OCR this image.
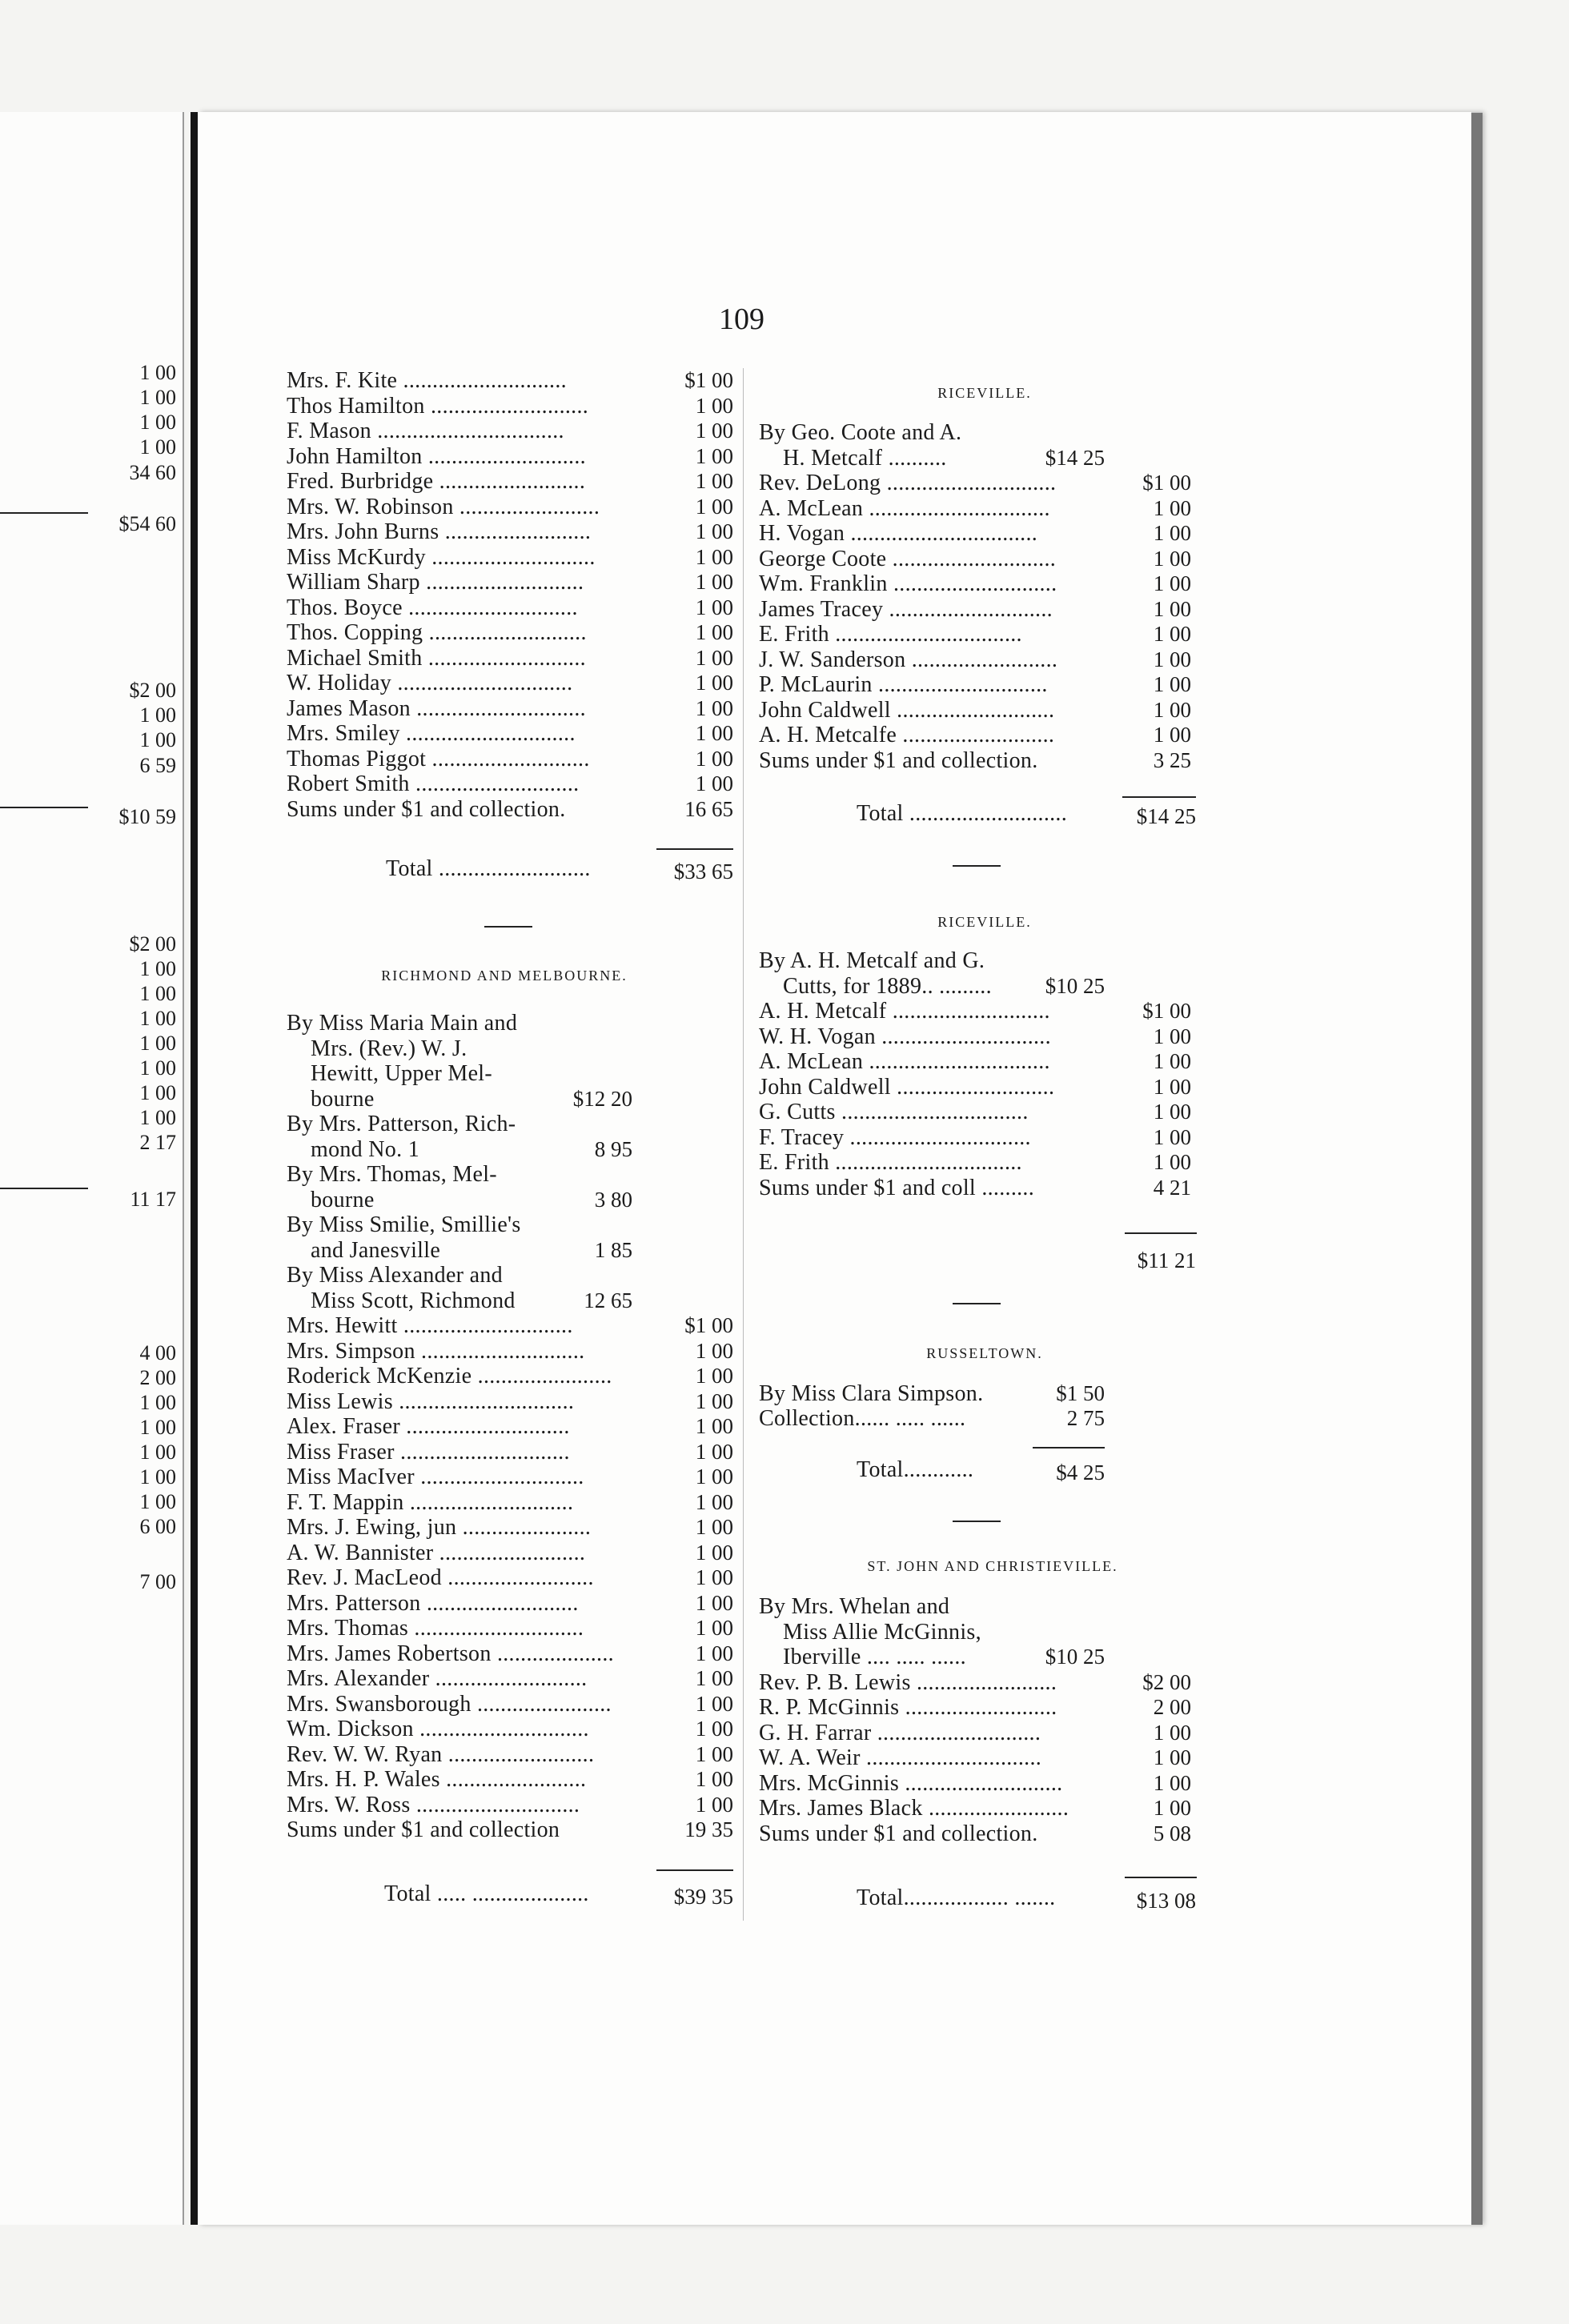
109
1 00
1 00
1 00
1 00
34 60
$54 60
$2 00
1 00
1 00
6 59
$10 59
$2 00
1 00
1 00
1 00
1 00
1 00
1 00
1 00
2 17
11 17
4 00
2 00
1 00
1 00
1 00
1 00
1 00
6 00
7 00
Mrs. F. Kite ............................	$1 00
Thos Hamilton ...........................	1 00
F. Mason ................................	1 00
John Hamilton ...........................	1 00
Fred. Burbridge .........................	1 00
Mrs. W. Robinson ........................	1 00
Mrs. John Burns .........................	1 00
Miss McKurdy ............................	1 00
William Sharp ...........................	1 00
Thos. Boyce .............................	1 00
Thos. Copping ...........................	1 00
Michael Smith ...........................	1 00
W. Holiday ..............................	1 00
James Mason .............................	1 00
Mrs. Smiley .............................	1 00
Thomas Piggot ...........................	1 00
Robert Smith ............................	1 00
Sums under $1 and collection.	16 65
Total ..........................	$33 65
RICHMOND AND MELBOURNE.
By Miss Maria Main and
Mrs. (Rev.) W. J.
Hewitt, Upper Mel-
bourne	$12 20
By Mrs. Patterson, Rich-
mond No. 1	8 95
By Mrs. Thomas, Mel-
bourne	3 80
By Miss Smilie, Smillie's
and Janesville	1 85
By Miss Alexander and
Miss Scott, Richmond	12 65
Mrs. Hewitt .............................	$1 00
Mrs. Simpson ............................	1 00
Roderick McKenzie .......................	1 00
Miss Lewis ..............................	1 00
Alex. Fraser ............................	1 00
Miss Fraser .............................	1 00
Miss MacIver ............................	1 00
F. T. Mappin ............................	1 00
Mrs. J. Ewing, jun ......................	1 00
A. W. Bannister .........................	1 00
Rev. J. MacLeod .........................	1 00
Mrs. Patterson ..........................	1 00
Mrs. Thomas .............................	1 00
Mrs. James Robertson ....................	1 00
Mrs. Alexander ..........................	1 00
Mrs. Swansborough .......................	1 00
Wm. Dickson .............................	1 00
Rev. W. W. Ryan .........................	1 00
Mrs. H. P. Wales ........................	1 00
Mrs. W. Ross ............................	1 00
Sums under $1 and collection	19 35
Total ..... ....................	$39 35
RICEVILLE.
By Geo. Coote and A.
H. Metcalf ..........	$14 25
Rev. DeLong .............................	$1 00
A. McLean ...............................	1 00
H. Vogan ................................	1 00
George Coote ............................	1 00
Wm. Franklin ............................	1 00
James Tracey ............................	1 00
E. Frith ................................	1 00
J. W. Sanderson .........................	1 00
P. McLaurin .............................	1 00
John Caldwell ...........................	1 00
A. H. Metcalfe ..........................	1 00
Sums under $1 and collection.	3 25
Total ...........................	$14 25
RICEVILLE.
By A. H. Metcalf and G.
Cutts, for 1889.. .........	$10 25
A. H. Metcalf ...........................	$1 00
W. H. Vogan .............................	1 00
A. McLean ...............................	1 00
John Caldwell ...........................	1 00
G. Cutts ................................	1 00
F. Tracey ...............................	1 00
E. Frith ................................	1 00
Sums under $1 and coll .........	4 21
$11 21
RUSSELTOWN.
By Miss Clara Simpson.	$1 50
Collection...... ..... ......	2 75
Total............	$4 25
ST. JOHN AND CHRISTIEVILLE.
By Mrs. Whelan and
Miss Allie McGinnis,
Iberville .... ..... ......	$10 25
Rev. P. B. Lewis ........................	$2 00
R. P. McGinnis ..........................	2 00
G. H. Farrar ............................	1 00
W. A. Weir ..............................	1 00
Mrs. McGinnis ...........................	1 00
Mrs. James Black ........................	1 00
Sums under $1 and collection.	5 08
Total.................. .......	$13 08
